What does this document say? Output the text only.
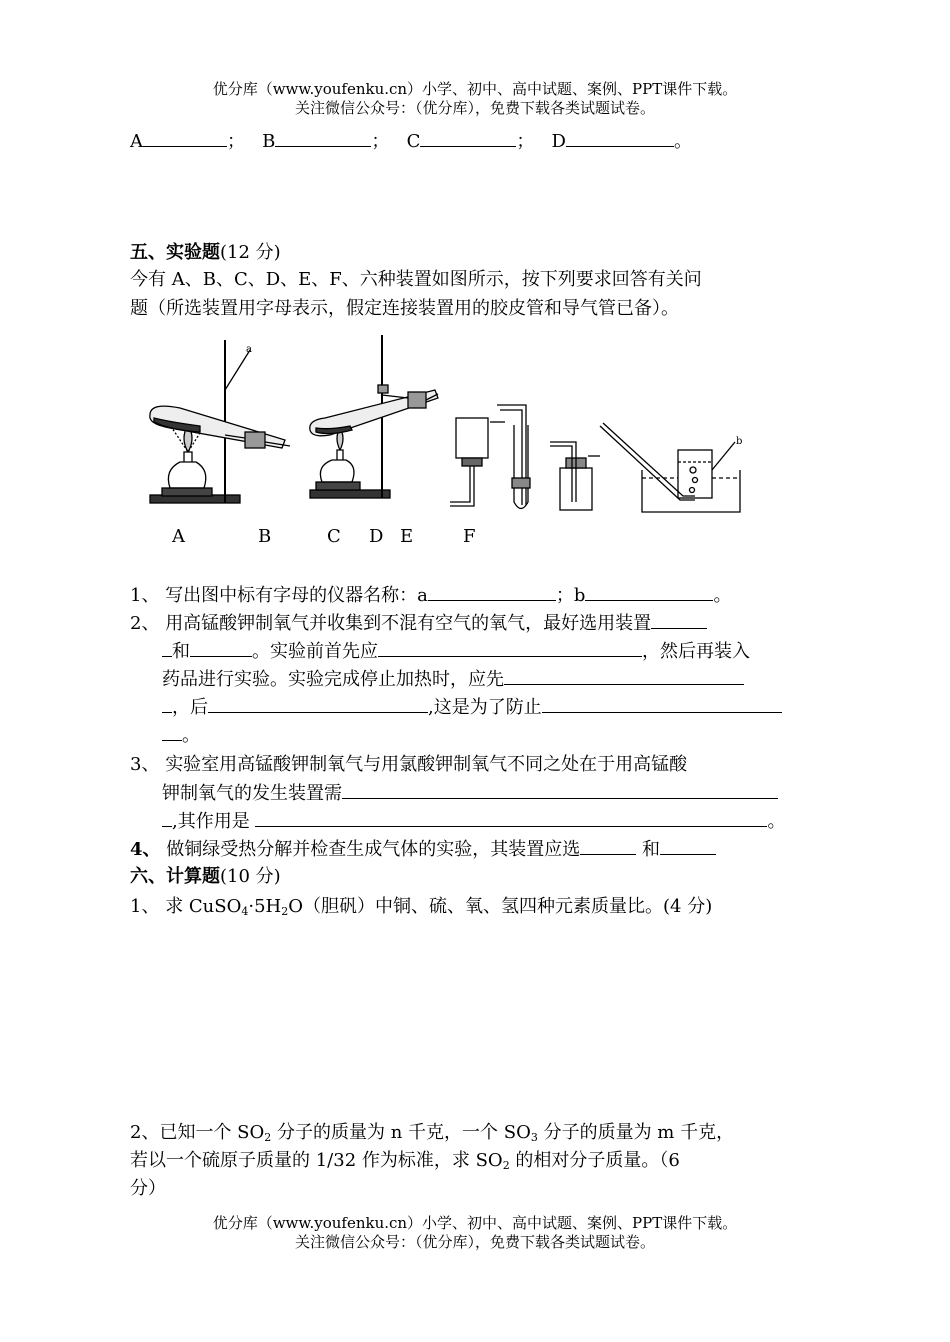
优分库（www.youfenku.cn）小学、初中、高中试题、案例、PPT课件下载。
关注微信公众号：（优分库），免费下载各类试题试卷。
A	； B	； C	； D	。
五、实验题(12 分)
今有 A、B、C、D、E、F、六种装置如图所示，按下列要求回答有关问
题（所选装置用字母表示，假定连接装置用的胶皮管和导气管已备）。
a
b
A	B	C D E	F
1、 写出图中标有字母的仪器名称：a	；b	。
2、 用高锰酸钾制氧气并收集到不混有空气的氧气，最好选用装置
和	。实验前首先应	，然后再装入
药品进行实验。实验完成停止加热时，应先
，后	,这是为了防止
。
3、 实验室用高锰酸钾制氧气与用氯酸钾制氧气不同之处在于用高锰酸
钾制氧气的发生装置需
,其作用是	。
4、 做铜绿受热分解并检查生成气体的实验，其装置应选	和
六、计算题(10 分)
1、 求 $CuSO_4\cdot 5H_2O$（胆矾）中铜、硫、氧、氢四种元素质量比。(4 分)
2、已知一个 $SO_2$ 分子的质量为 n 千克，一个 $SO_3$ 分子的质量为 m 千克，
若以一个硫原子质量的 1/32 作为标准，求 $SO_2$ 的相对分子质量。（6
分）
优分库（www.youfenku.cn）小学、初中、高中试题、案例、PPT课件下载。
关注微信公众号：（优分库），免费下载各类试题试卷。
